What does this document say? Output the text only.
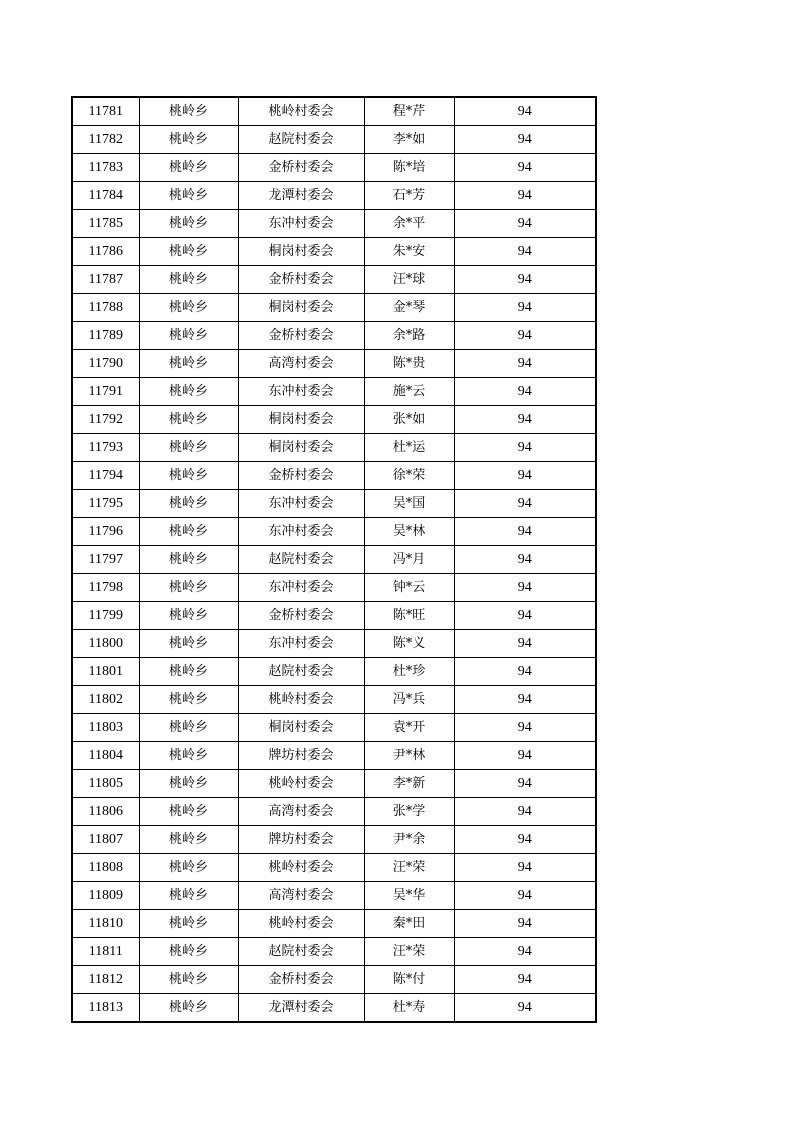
11781	桃岭乡	桃岭村委会	程*芹	94
11782	桃岭乡	赵院村委会	李*如	94
11783	桃岭乡	金桥村委会	陈*培	94
11784	桃岭乡	龙潭村委会	石*芳	94
11785	桃岭乡	东冲村委会	余*平	94
11786	桃岭乡	桐岗村委会	朱*安	94
11787	桃岭乡	金桥村委会	汪*球	94
11788	桃岭乡	桐岗村委会	金*琴	94
11789	桃岭乡	金桥村委会	余*路	94
11790	桃岭乡	高湾村委会	陈*贵	94
11791	桃岭乡	东冲村委会	施*云	94
11792	桃岭乡	桐岗村委会	张*如	94
11793	桃岭乡	桐岗村委会	杜*运	94
11794	桃岭乡	金桥村委会	徐*荣	94
11795	桃岭乡	东冲村委会	吴*国	94
11796	桃岭乡	东冲村委会	吴*林	94
11797	桃岭乡	赵院村委会	冯*月	94
11798	桃岭乡	东冲村委会	钟*云	94
11799	桃岭乡	金桥村委会	陈*旺	94
11800	桃岭乡	东冲村委会	陈*义	94
11801	桃岭乡	赵院村委会	杜*珍	94
11802	桃岭乡	桃岭村委会	冯*兵	94
11803	桃岭乡	桐岗村委会	袁*开	94
11804	桃岭乡	牌坊村委会	尹*林	94
11805	桃岭乡	桃岭村委会	李*新	94
11806	桃岭乡	高湾村委会	张*学	94
11807	桃岭乡	牌坊村委会	尹*余	94
11808	桃岭乡	桃岭村委会	汪*荣	94
11809	桃岭乡	高湾村委会	吴*华	94
11810	桃岭乡	桃岭村委会	秦*田	94
11811	桃岭乡	赵院村委会	汪*荣	94
11812	桃岭乡	金桥村委会	陈*付	94
11813	桃岭乡	龙潭村委会	杜*寿	94
